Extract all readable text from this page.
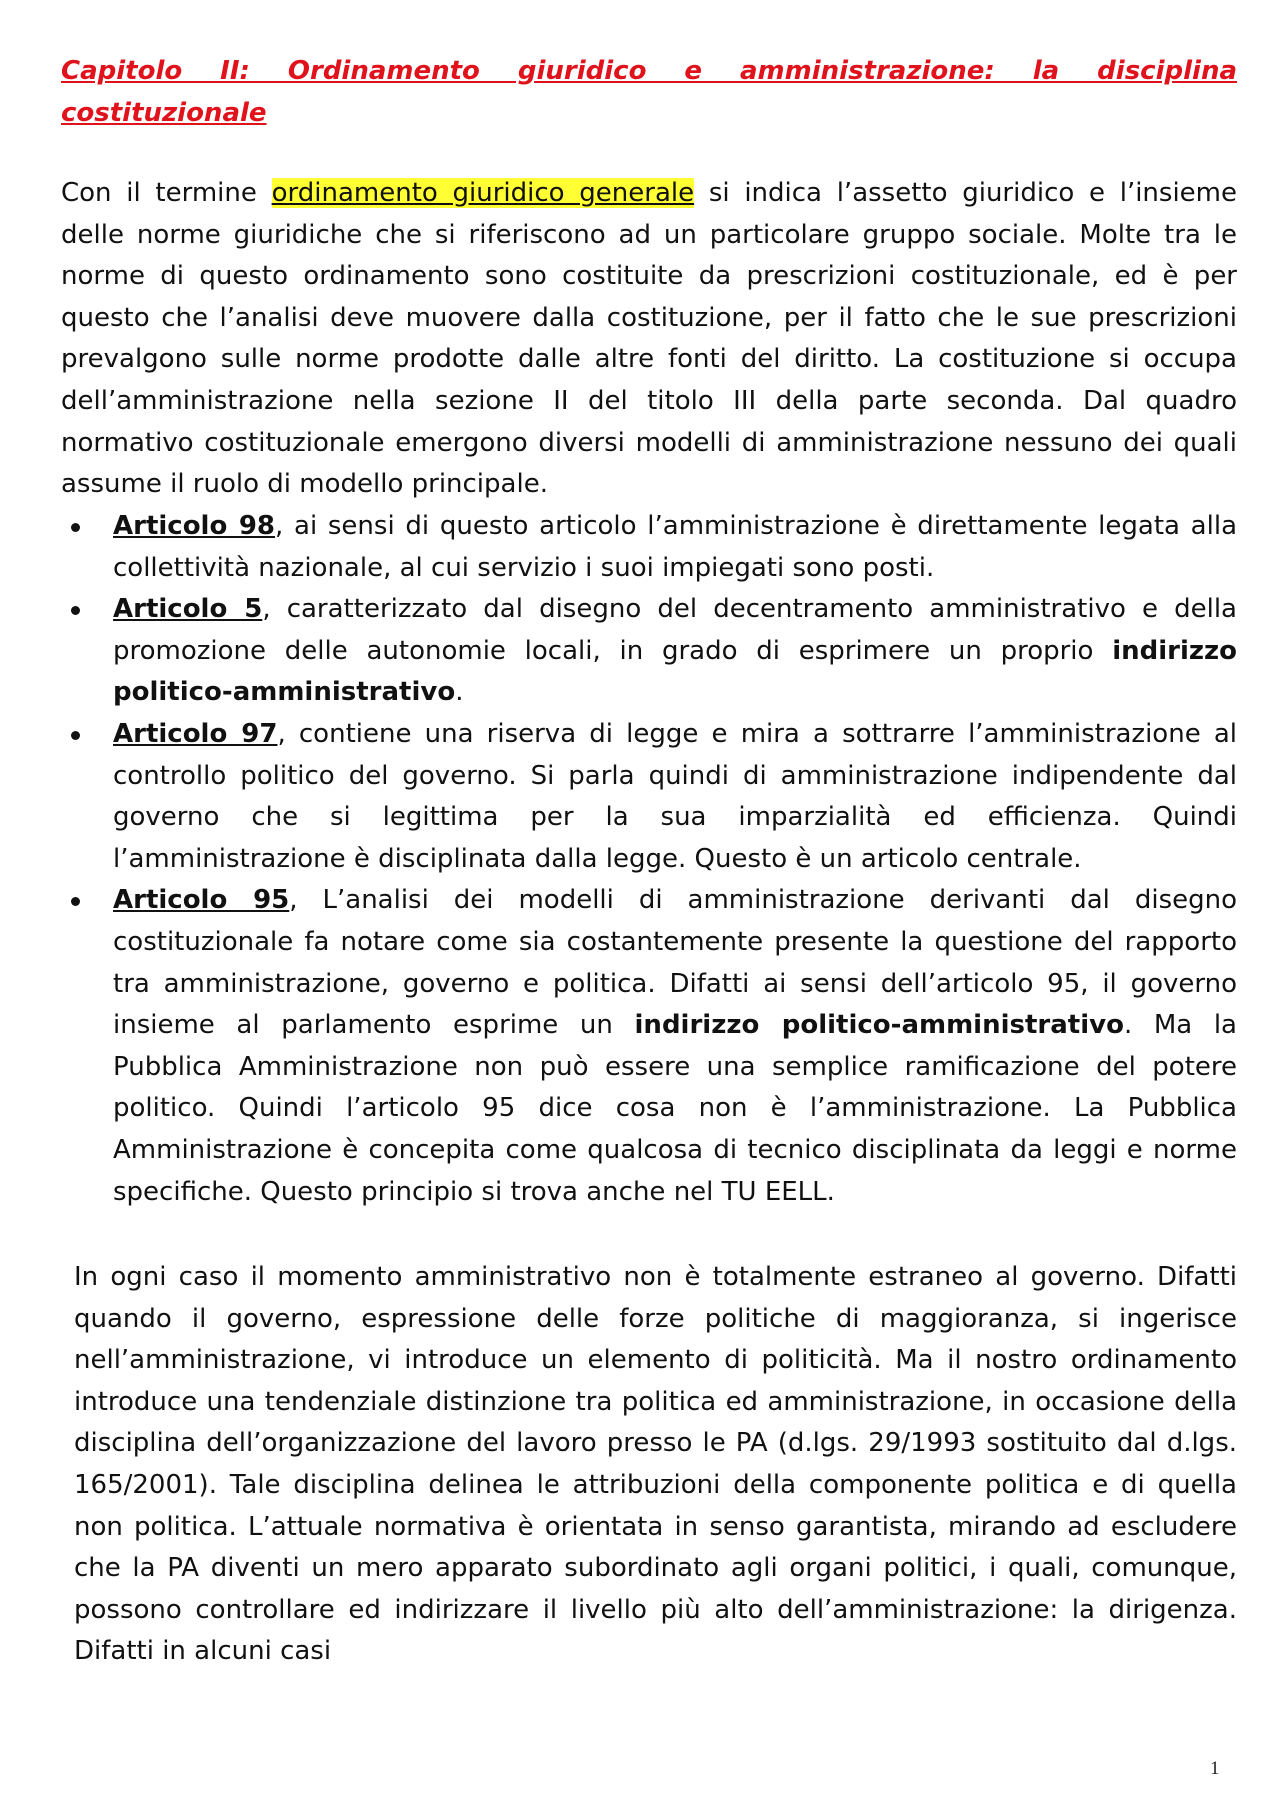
Capitolo II: Ordinamento giuridico e amministrazione: la disciplina costituzionale

Con il termine ordinamento giuridico generale si indica l’assetto giuridico e l’insieme delle norme giuridiche che si riferiscono ad un particolare gruppo sociale. Molte tra le norme di questo ordinamento sono costituite da prescrizioni costituzionale, ed è per questo che l’analisi deve muovere dalla costituzione, per il fatto che le sue prescrizioni prevalgono sulle norme prodotte dalle altre fonti del diritto. La costituzione si occupa dell’amministrazione nella sezione II del titolo III della parte seconda. Dal quadro normativo costituzionale emergono diversi modelli di amministrazione nessuno dei quali assume il ruolo di modello principale.

Articolo 98, ai sensi di questo articolo l’amministrazione è direttamente legata alla collettività nazionale, al cui servizio i suoi impiegati sono posti.
Articolo 5, caratterizzato dal disegno del decentramento amministrativo e della promozione delle autonomie locali, in grado di esprimere un proprio indirizzo politico-amministrativo.
Articolo 97, contiene una riserva di legge e mira a sottrarre l’amministrazione al controllo politico del governo. Si parla quindi di amministrazione indipendente dal governo che si legittima per la sua imparzialità ed efficienza. Quindi l’amministrazione è disciplinata dalla legge. Questo è un articolo centrale.
Articolo 95, L’analisi dei modelli di amministrazione derivanti dal disegno costituzionale fa notare come sia costantemente presente la questione del rapporto tra amministrazione, governo e politica. Difatti ai sensi dell’articolo 95, il governo insieme al parlamento esprime un indirizzo politico-amministrativo. Ma la Pubblica Amministrazione non può essere una semplice ramificazione del potere politico. Quindi l’articolo 95 dice cosa non è l’amministrazione. La Pubblica Amministrazione è concepita come qualcosa di tecnico disciplinata da leggi e norme specifiche. Questo principio si trova anche nel TU EELL.

In ogni caso il momento amministrativo non è totalmente estraneo al governo. Difatti quando il governo, espressione delle forze politiche di maggioranza, si ingerisce nell’amministrazione, vi introduce un elemento di politicità. Ma il nostro ordinamento introduce una tendenziale distinzione tra politica ed amministrazione, in occasione della disciplina dell’organizzazione del lavoro presso le PA (d.lgs. 29/1993 sostituito dal d.lgs. 165/2001). Tale disciplina delinea le attribuzioni della componente politica e di quella non politica. L’attuale normativa è orientata in senso garantista, mirando ad escludere che la PA diventi un mero apparato subordinato agli organi politici, i quali, comunque, possono controllare ed indirizzare il livello più alto dell’amministrazione: la dirigenza. Difatti in alcuni casi

1
